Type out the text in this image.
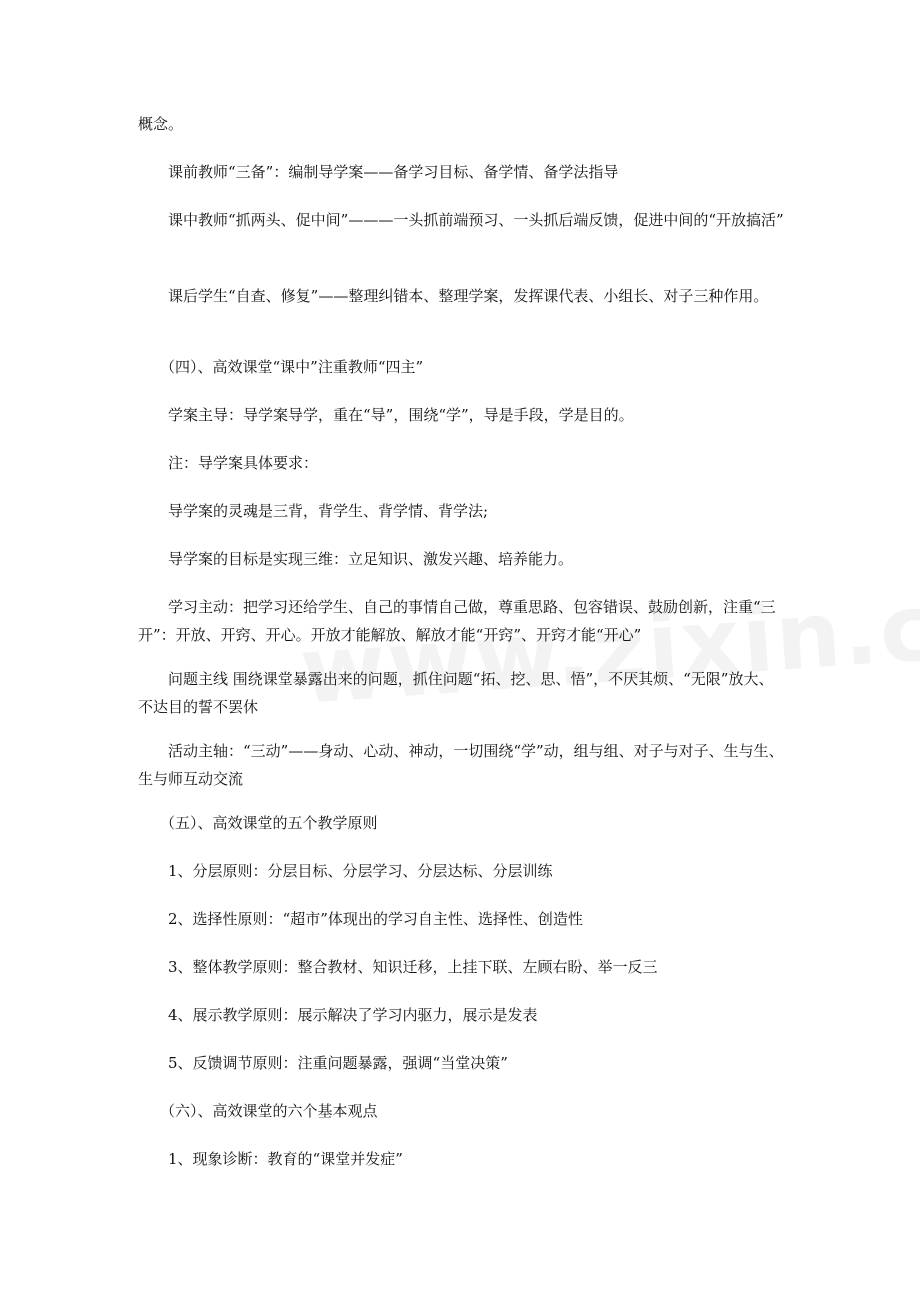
概念。

课前教师“三备”：编制导学案——备学习目标、备学情、备学法指导

课中教师“抓两头、促中间”———一头抓前端预习、一头抓后端反馈，促进中间的“开放搞活”

课后学生“自查、修复”——整理纠错本、整理学案，发挥课代表、小组长、对子三种作用。

（四）、高效课堂“课中”注重教师“四主”

学案主导：导学案导学，重在“导”，围绕“学”，导是手段，学是目的。

注：导学案具体要求：

导学案的灵魂是三背，背学生、背学情、背学法;

导学案的目标是实现三维：立足知识、激发兴趣、培养能力。

学习主动：把学习还给学生、自己的事情自己做，尊重思路、包容错误、鼓励创新，注重“三开”：开放、开窍、开心。开放才能解放、解放才能“开窍”、开窍才能“开心”

问题主线 围绕课堂暴露出来的问题，抓住问题“拓、挖、思、悟”，不厌其烦、“无限”放大、不达目的誓不罢休

活动主轴：“三动”——身动、心动、神动，一切围绕“学”动，组与组、对子与对子、生与生、生与师互动交流

（五）、高效课堂的五个教学原则

1、分层原则：分层目标、分层学习、分层达标、分层训练

2、选择性原则：“超市”体现出的学习自主性、选择性、创造性

3、整体教学原则：整合教材、知识迁移，上挂下联、左顾右盼、举一反三

4、展示教学原则：展示解决了学习内驱力，展示是发表

5、反馈调节原则：注重问题暴露，强调“当堂决策”

（六）、高效课堂的六个基本观点

1、现象诊断：教育的“课堂并发症”
